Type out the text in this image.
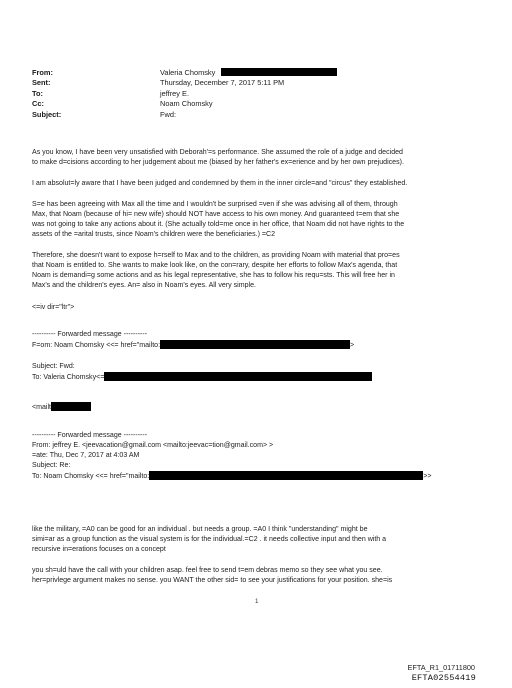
From:	Valeria Chomsky
Sent:	Thursday, December 7, 2017 5:11 PM
To:	jeffrey E.
Cc:	Noam Chomsky
Subject:	Fwd:

As you know, I have been very unsatisfied with Deborah'=s performance. She assumed the role of a judge and decided

to make d=cisions according to her judgement about me (biased by her father's ex=erience and by her own prejudices).

I am absolut=ly aware that I have been judged and condemned by them in the inner circle=and "circus" they established.

S=e has been agreeing with Max all the time and I wouldn't be surprised =ven if she was advising all of them, through

Max, that Noam (because of hi= new wife) should NOT have access to his own money. And guaranteed t=em that she

was not going to take any actions about it. (She actually told=me once in her office, that Noam did not have rights to the

assets of the =arital trusts, since Noam's children were the beneficiaries.) =C2

Therefore, she doesn't want to expose h=rself to Max and to the children, as providing Noam with material that pro=es

that Noam is entitled to. She wants to make look like, on the con=rary, despite her efforts to follow Max's agenda, that

Noam is demandi=g some actions and as his legal representative, she has to follow his requ=sts. This will free her in

Max's and the children's eyes. An= also in Noam's eyes. All very simple.

<=iv dir="ltr">

---------- Forwarded message ----------

F=om: Noam Chomsky <<= href="mailto:	>

Subject: Fwd:

To: Valeria Chomsky<=

<mailt

---------- Forwarded message ----------

From: jeffrey E. <jeevacation@gmail.com <mailto:jeevac=tion@gmail.com> >

=ate: Thu, Dec 7, 2017 at 4:03 AM

Subject: Re:

To: Noam Chomsky <<= href="mailto:	>>

like the military, =A0 can be good for an individual . but needs a group. =A0 I think "understanding" might be

simi=ar as a group function as the visual system is for the individual.=C2 . it needs collective input and then with a

recursive in=erations focuses on a concept

you sh=uld have the call with your children asap. feel free to send t=em debras memo so they see what you see.

her=privlege argument makes no sense. you WANT the other sid= to see your justifications for your position. she=is

1
EFTA_R1_01711800
EFTA02554419
